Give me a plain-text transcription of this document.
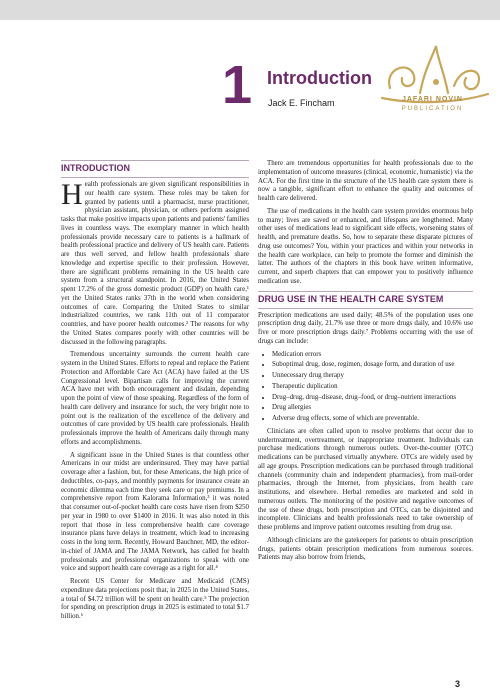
1 Introduction
Jack E. Fincham	JAFARI NOVIN
PUBLICATION
INTRODUCTION

Health professionals are given significant responsibilities in our health care system. These roles may be taken for granted by patients until a pharmacist, nurse practitioner, physician assistant, physician, or others perform assigned tasks that make positive impacts upon patients and patients' families lives in countless ways. The exemplary manner in which health professionals provide necessary care to patients is a hallmark of health professional practice and delivery of US health care. Patients are thus well served, and fellow health professionals share knowledge and expertise specific to their profession. However, there are significant problems remaining in the US health care system from a structural standpoint. In 2016, the United States spent 17.2% of the gross domestic product (GDP) on health care,¹ yet the United States ranks 37th in the world when considering outcomes of care. Comparing the United States to similar industrialized countries, we rank 11th out of 11 comparator countries, and have poorer health outcomes.² The reasons for why the United States compares poorly with other countries will be discussed in the following paragraphs.

Tremendous uncertainty surrounds the current health care system in the United States. Efforts to repeal and replace the Patient Protection and Affordable Care Act (ACA) have failed at the US Congressional level. Bipartisan calls for improving the current ACA have met with both encouragement and disdain, depending upon the point of view of those speaking. Regardless of the form of health care delivery and insurance for such, the very bright note to point out is the realization of the excellence of the delivery and outcomes of care provided by US health care professionals. Health professionals improve the health of Americans daily through many efforts and accomplishments.

A significant issue in the United States is that countless other Americans in our midst are underinsured. They may have partial coverage after a fashion, but, for these Americans, the high price of deductibles, co-pays, and monthly payments for insurance create an economic dilemma each time they seek care or pay premiums. In a comprehensive report from Kalorama Information,³ it was noted that consumer out-of-pocket health care costs have risen from $250 per year in 1980 to over $1400 in 2016. It was also noted in this report that those in less comprehensive health care coverage insurance plans have delays in treatment, which lead to increasing costs in the long term. Recently, Howard Bauchner, MD, the editor-in-chief of JAMA and The JAMA Network, has called for health professionals and professional organizations to speak with one voice and support health care coverage as a right for all.⁴

Recent US Center for Medicare and Medicaid (CMS) expenditure data projections posit that, in 2025 in the United States, a total of $4.72 trillion will be spent on health care.⁵ The projection for spending on prescription drugs in 2025 is estimated to total $1.7 billion.⁶

There are tremendous opportunities for health professionals due to the implementation of outcome measures (clinical, economic, humanistic) via the ACA. For the first time in the structure of the US health care system there is now a tangible, significant effort to enhance the quality and outcomes of health care delivered.

The use of medications in the health care system provides enormous help to many; lives are saved or enhanced, and lifespans are lengthened. Many other uses of medications lead to significant side effects, worsening states of health, and premature deaths. So, how to separate these disparate pictures of drug use outcomes? You, within your practices and within your networks in the health care workplace, can help to promote the former and diminish the latter. The authors of the chapters in this book have written informative, current, and superb chapters that can empower you to positively influence medication use.

DRUG USE IN THE HEALTH CARE SYSTEM

Prescription medications are used daily; 48.5% of the population uses one prescription drug daily, 21.7% use three or more drugs daily, and 10.6% use five or more prescription drugs daily.⁷ Problems occurring with the use of drugs can include:

• Medication errors
• Suboptimal drug, dose, regimen, dosage form, and duration of use
• Unnecessary drug therapy
• Therapeutic duplication
• Drug–drug, drug–disease, drug–food, or drug–nutrient interactions
• Drug allergies
• Adverse drug effects, some of which are preventable.

Clinicians are often called upon to resolve problems that occur due to undertreatment, overtreatment, or inappropriate treatment. Individuals can purchase medications through numerous outlets. Over-the-counter (OTC) medications can be purchased virtually anywhere. OTCs are widely used by all age groups. Prescription medications can be purchased through traditional channels (community chain and independent pharmacies), from mail-order pharmacies, through the Internet, from physicians, from health care institutions, and elsewhere. Herbal remedies are marketed and sold in numerous outlets. The monitoring of the positive and negative outcomes of the use of these drugs, both prescription and OTCs, can be disjointed and incomplete. Clinicians and health professionals need to take ownership of these problems and improve patient outcomes resulting from drug use.

Although clinicians are the gatekeepers for patients to obtain prescription drugs, patients obtain prescription medications from numerous sources. Patients may also borrow from friends,

3
